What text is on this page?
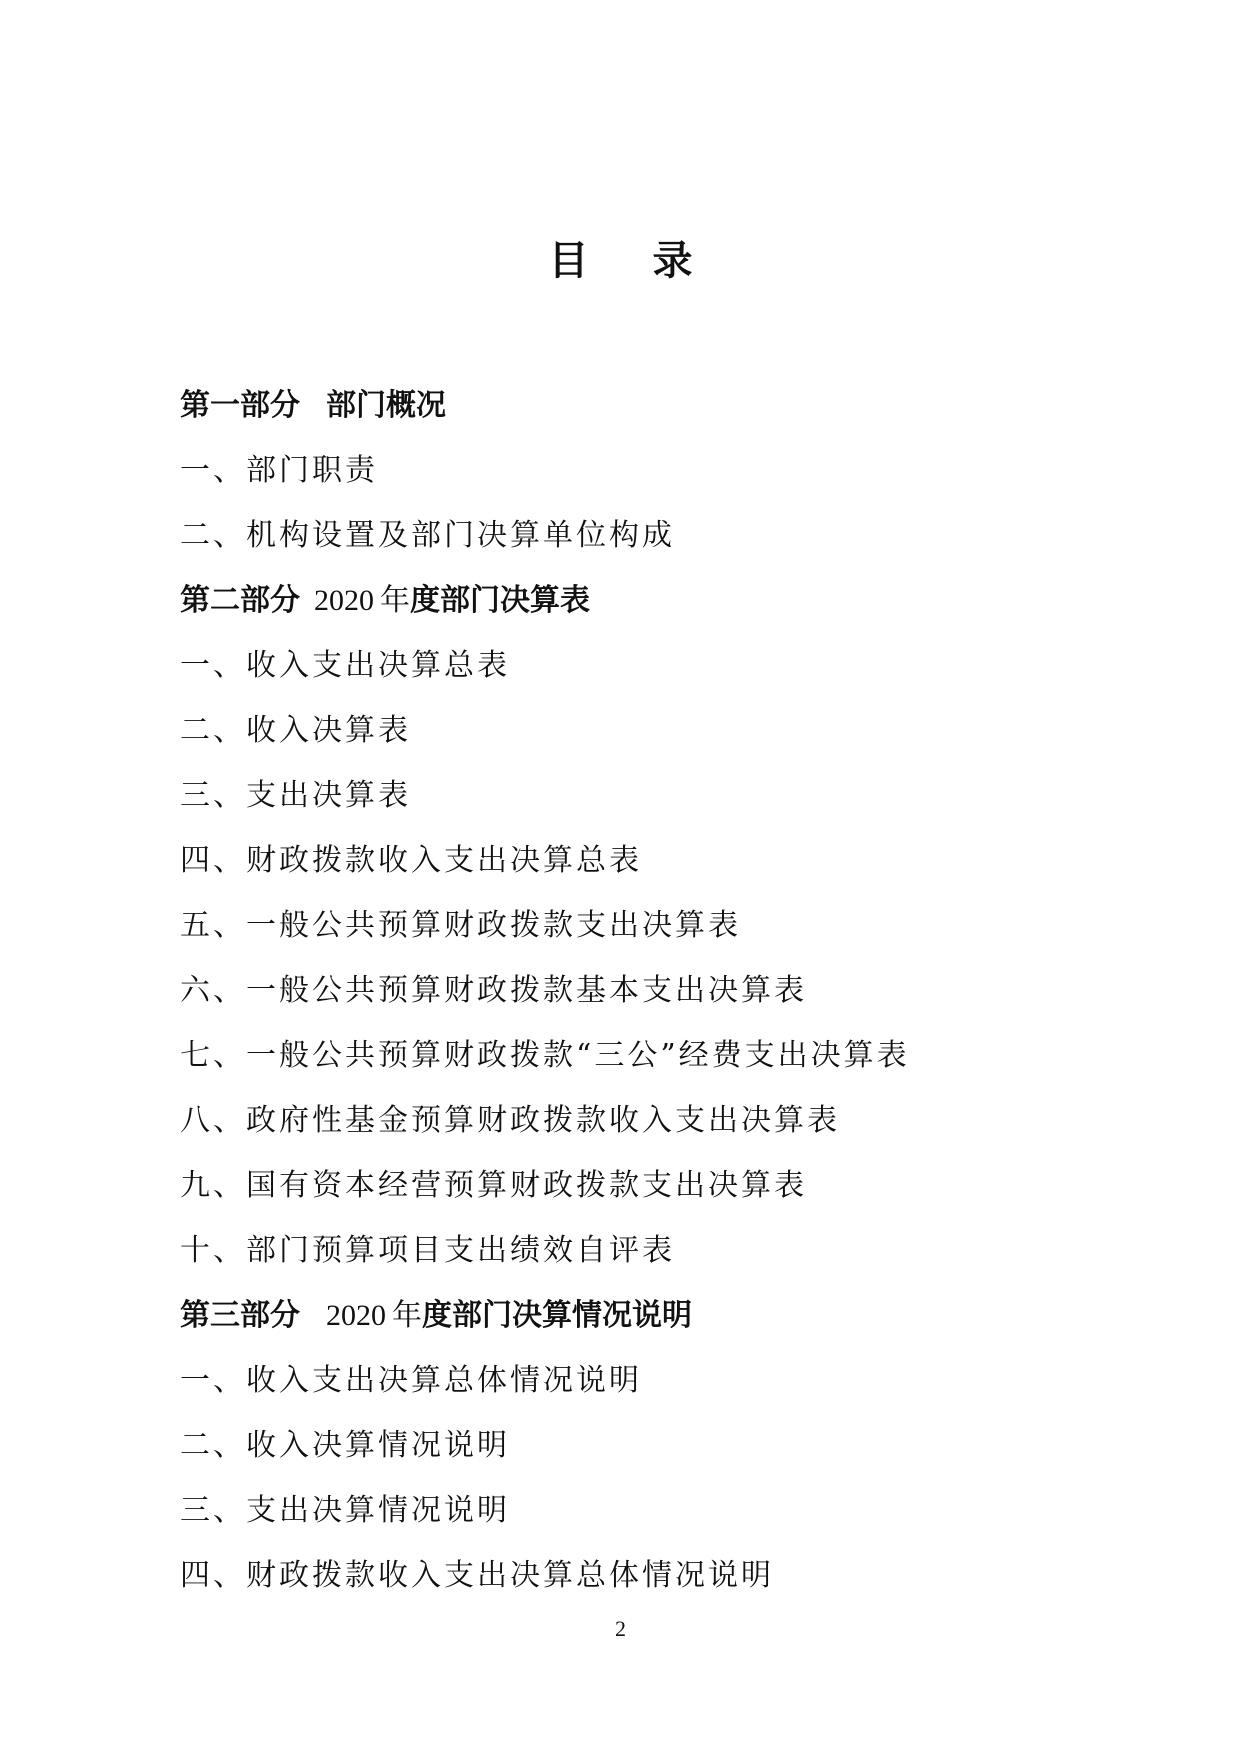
目录
第一部分 部门概况
一、部门职责
二、机构设置及部门决算单位构成
第二部分 2020 年度部门决算表
一、收入支出决算总表
二、收入决算表
三、支出决算表
四、财政拨款收入支出决算总表
五、一般公共预算财政拨款支出决算表
六、一般公共预算财政拨款基本支出决算表
七、一般公共预算财政拨款“三公”经费支出决算表
八、政府性基金预算财政拨款收入支出决算表
九、国有资本经营预算财政拨款支出决算表
十、部门预算项目支出绩效自评表
第三部分 2020 年度部门决算情况说明
一、收入支出决算总体情况说明
二、收入决算情况说明
三、支出决算情况说明
四、财政拨款收入支出决算总体情况说明
2
